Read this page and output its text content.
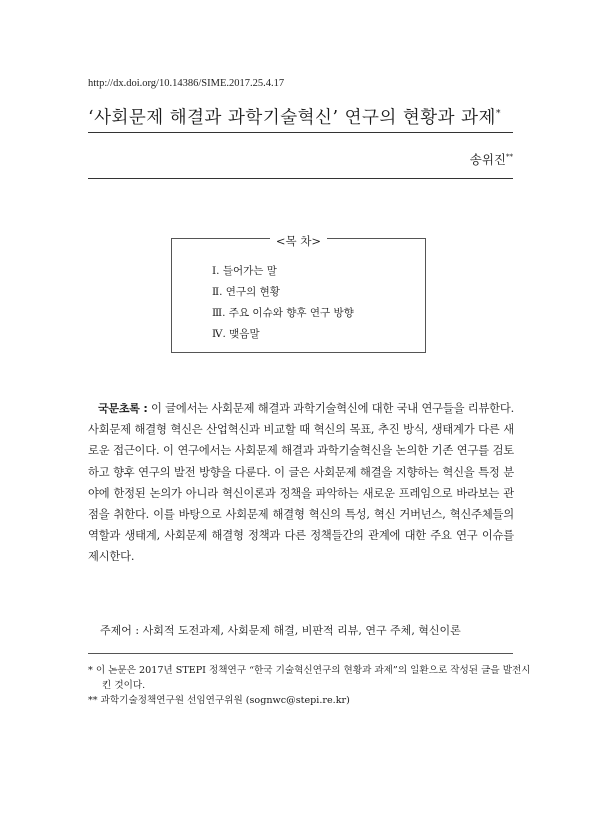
http://dx.doi.org/10.14386/SIME.2017.25.4.17
‘사회문제 해결과 과학기술혁신’ 연구의 현황과 과제*
송위진**
<목 차>
Ⅰ. 들어가는 말
Ⅱ. 연구의 현황
Ⅲ. 주요 이슈와 향후 연구 방향
Ⅳ. 맺음말

국문초록 : 이 글에서는 사회문제 해결과 과학기술혁신에 대한 국내 연구들을 리뷰한다. 사회문제 해결형 혁신은 산업혁신과 비교할 때 혁신의 목표, 추진 방식, 생태계가 다른 새로운 접근이다. 이 연구에서는 사회문제 해결과 과학기술혁신을 논의한 기존 연구를 검토하고 향후 연구의 발전 방향을 다룬다. 이 글은 사회문제 해결을 지향하는 혁신을 특정 분야에 한정된 논의가 아니라 혁신이론과 정책을 파악하는 새로운 프레임으로 바라보는 관점을 취한다. 이를 바탕으로 사회문제 해결형 혁신의 특성, 혁신 거버넌스, 혁신주체들의 역할과 생태계, 사회문제 해결형 정책과 다른 정책들간의 관계에 대한 주요 연구 이슈를 제시한다.

주제어 : 사회적 도전과제, 사회문제 해결, 비판적 리뷰, 연구 주체, 혁신이론

* 이 논문은 2017년 STEPI 정책연구 “한국 기술혁신연구의 현황과 과제”의 일환으로 작성된 글을 발전시킨 것이다.

** 과학기술정책연구원 선임연구위원 (sognwc@stepi.re.kr)
